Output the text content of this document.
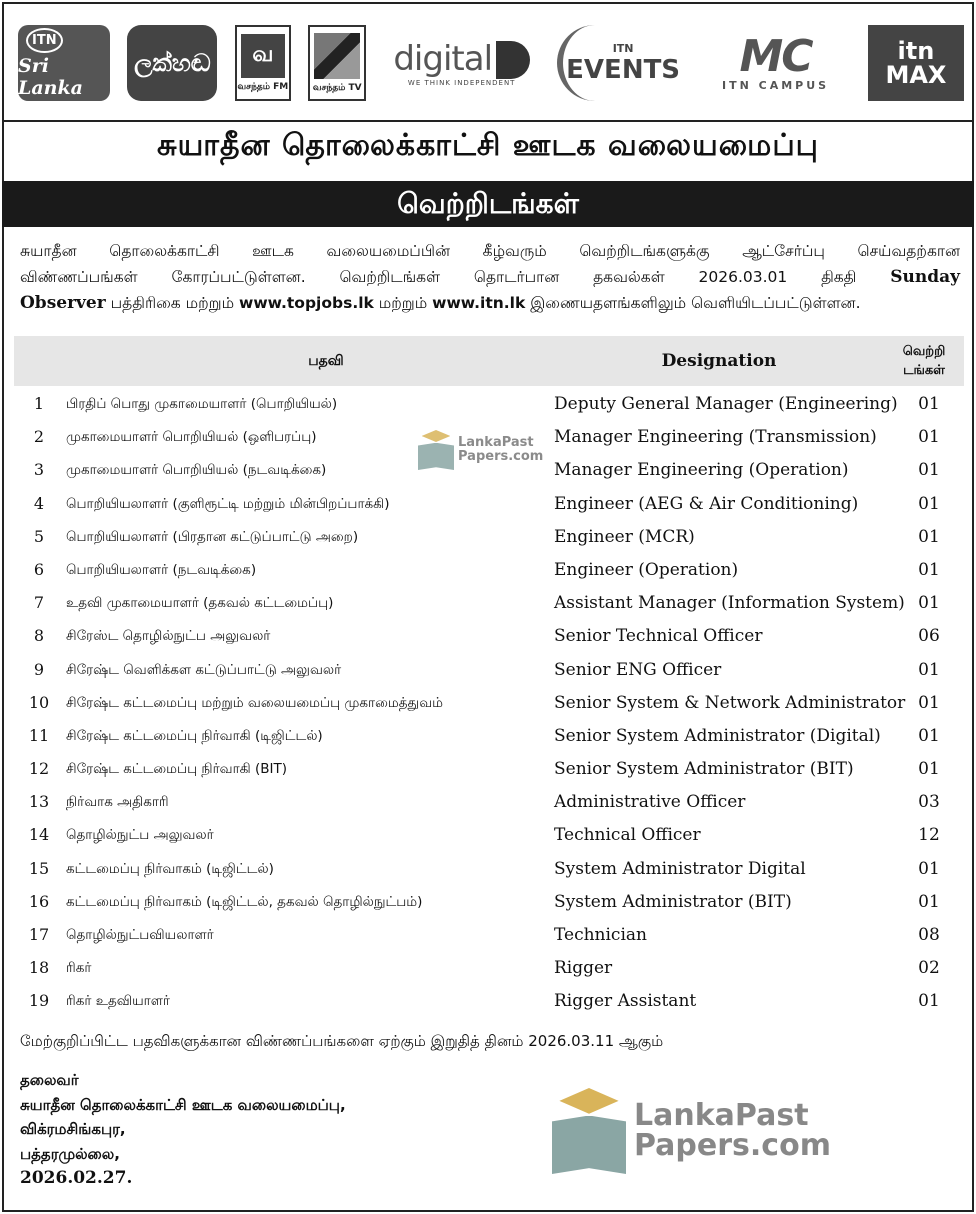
ITN
Sri Lanka
ලක්හඬ	வ
வசந்தம் FM	வசந்தம் TV
digital
WE THINK INDEPENDENT
ITN
EVENTS MC
ITN CAMPUS
itn
MAX
சுயாதீன தொலைக்காட்சி ஊடக வலையமைப்பு
வெற்றிடங்கள்
சுயாதீன தொலைக்காட்சி ஊடக வலையமைப்பின் கீழ்வரும் வெற்றிடங்களுக்கு ஆட்சேர்ப்பு செய்வதற்கான
விண்ணப்பங்கள் கோரப்பட்டுள்ளன. வெற்றிடங்கள் தொடர்பான தகவல்கள் 2026.03.01 திகதி Sunday
Observer பத்திரிகை மற்றும் www.topjobs.lk மற்றும் www.itn.lk இணையதளங்களிலும் வெளியிடப்பட்டுள்ளன.
பதவி	Designation	வெற்றி
டங்கள்
1	பிரதிப் பொது முகாமையாளர் (பொறியியல்)	Deputy General Manager (Engineering)	01
2	முகாமையாளர் பொறியியல் (ஒளிபரப்பு)	Manager Engineering (Transmission)	01
3	முகாமையாளர் பொறியியல் (நடவடிக்கை)	Manager Engineering (Operation)	01
4	பொறியியலாளர் (குளிரூட்டி மற்றும் மின்பிறப்பாக்கி)	Engineer (AEG & Air Conditioning)	01
5	பொறியியலாளர் (பிரதான கட்டுப்பாட்டு அறை)	Engineer (MCR)	01
6	பொறியியலாளர் (நடவடிக்கை)	Engineer (Operation)	01
7	உதவி முகாமையாளர் (தகவல் கட்டமைப்பு)	Assistant Manager (Information System) 01
8	சிரேஸ்ட தொழில்நுட்ப அலுவலர்	Senior Technical Officer	06
9	சிரேஷ்ட வெளிக்கள கட்டுப்பாட்டு அலுவலர்	Senior ENG Officer	01
10	சிரேஷ்ட கட்டமைப்பு மற்றும் வலையமைப்பு முகாமைத்துவம்	Senior System & Network Administrator 01
11	சிரேஷ்ட கட்டமைப்பு நிர்வாகி (டிஜிட்டல்)	Senior System Administrator (Digital)	01
12	சிரேஷ்ட கட்டமைப்பு நிர்வாகி (BIT)	Senior System Administrator (BIT)	01
13	நிர்வாக அதிகாரி	Administrative Officer	03
14	தொழில்நுட்ப அலுவலர்	Technical Officer	12
15	கட்டமைப்பு நிர்வாகம் (டிஜிட்டல்)	System Administrator Digital	01
16	கட்டமைப்பு நிர்வாகம் (டிஜிட்டல், தகவல் தொழில்நுட்பம்)	System Administrator (BIT)	01
17	தொழில்நுட்பவியலாளர்	Technician	08
18	ரிகர்	Rigger	02
19	ரிகர் உதவியாளர்	Rigger Assistant	01
LankaPast
Papers.com
மேற்குறிப்பிட்ட பதவிகளுக்கான விண்ணப்பங்களை ஏற்கும் இறுதித் தினம் 2026.03.11 ஆகும்
தலைவர்
சுயாதீன தொலைக்காட்சி ஊடக வலையமைப்பு,
விக்ரமசிங்கபுர,
பத்தரமுல்லை,
2026.02.27.
LankaPast
Papers.com
